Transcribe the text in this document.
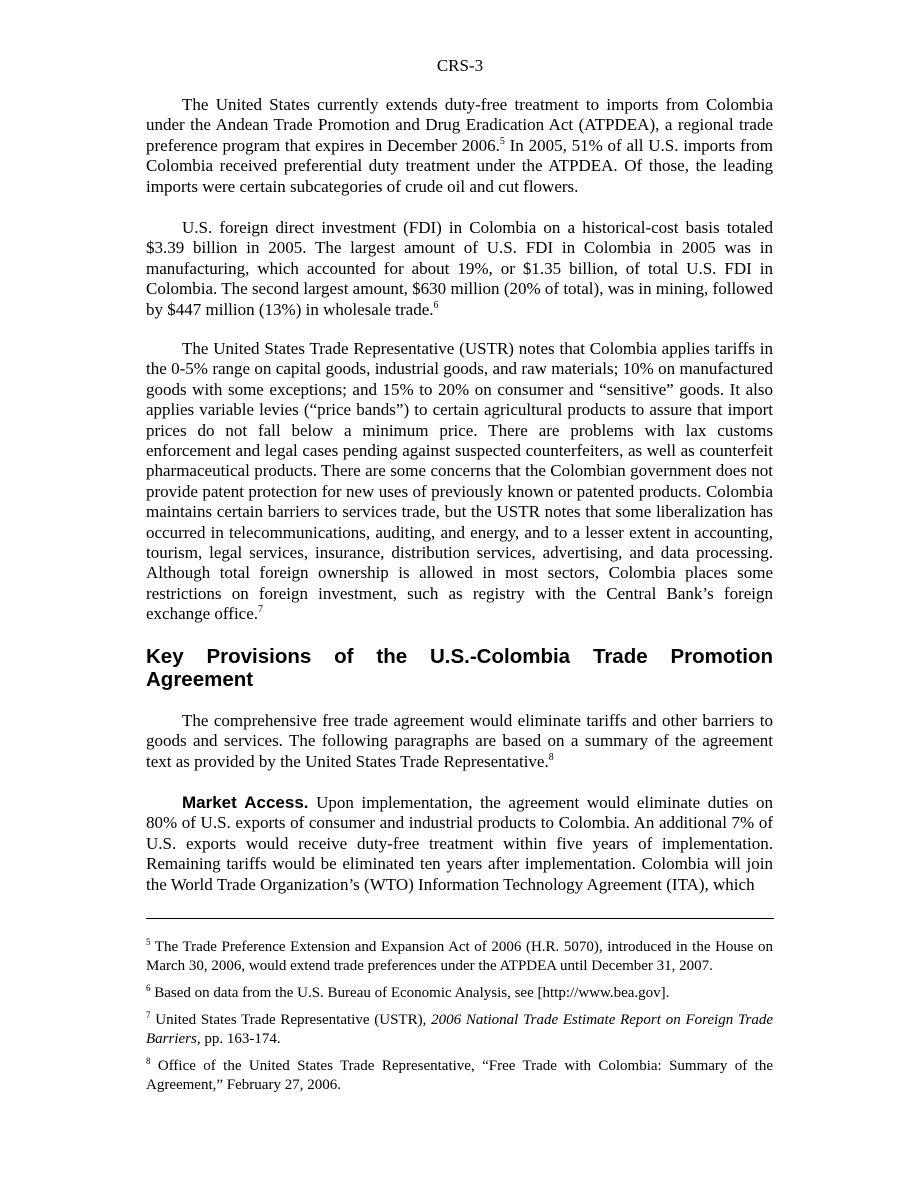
CRS-3

The United States currently extends duty-free treatment to imports from Colombia under the Andean Trade Promotion and Drug Eradication Act (ATPDEA), a regional trade preference program that expires in December 2006.$^5$ In 2005, 51% of all U.S. imports from Colombia received preferential duty treatment under the ATPDEA. Of those, the leading imports were certain subcategories of crude oil and cut flowers.

U.S. foreign direct investment (FDI) in Colombia on a historical-cost basis totaled $3.39 billion in 2005. The largest amount of U.S. FDI in Colombia in 2005 was in manufacturing, which accounted for about 19%, or $1.35 billion, of total U.S. FDI in Colombia. The second largest amount, $630 million (20% of total), was in mining, followed by $447 million (13%) in wholesale trade.$^6$

The United States Trade Representative (USTR) notes that Colombia applies tariffs in the 0-5% range on capital goods, industrial goods, and raw materials; 10% on manufactured goods with some exceptions; and 15% to 20% on consumer and “sensitive” goods. It also applies variable levies (“price bands”) to certain agricultural products to assure that import prices do not fall below a minimum price. There are problems with lax customs enforcement and legal cases pending against suspected counterfeiters, as well as counterfeit pharmaceutical products. There are some concerns that the Colombian government does not provide patent protection for new uses of previously known or patented products. Colombia maintains certain barriers to services trade, but the USTR notes that some liberalization has occurred in telecommunications, auditing, and energy, and to a lesser extent in accounting, tourism, legal services, insurance, distribution services, advertising, and data processing. Although total foreign ownership is allowed in most sectors, Colombia places some restrictions on foreign investment, such as registry with the Central Bank’s foreign exchange office.$^7$

Key Provisions of the U.S.-Colombia Trade Promotion Agreement

The comprehensive free trade agreement would eliminate tariffs and other barriers to goods and services. The following paragraphs are based on a summary of the agreement text as provided by the United States Trade Representative.$^8$

Market Access. Upon implementation, the agreement would eliminate duties on 80% of U.S. exports of consumer and industrial products to Colombia. An additional 7% of U.S. exports would receive duty-free treatment within five years of implementation. Remaining tariffs would be eliminated ten years after implementation. Colombia will join the World Trade Organization’s (WTO) Information Technology Agreement (ITA), which

$^5$ The Trade Preference Extension and Expansion Act of 2006 (H.R. 5070), introduced in the House on March 30, 2006, would extend trade preferences under the ATPDEA until December 31, 2007.

$^6$ Based on data from the U.S. Bureau of Economic Analysis, see [http://www.bea.gov].

$^7$ United States Trade Representative (USTR), 2006 National Trade Estimate Report on Foreign Trade Barriers, pp. 163-174.

$^8$ Office of the United States Trade Representative, “Free Trade with Colombia: Summary of the Agreement,” February 27, 2006.
